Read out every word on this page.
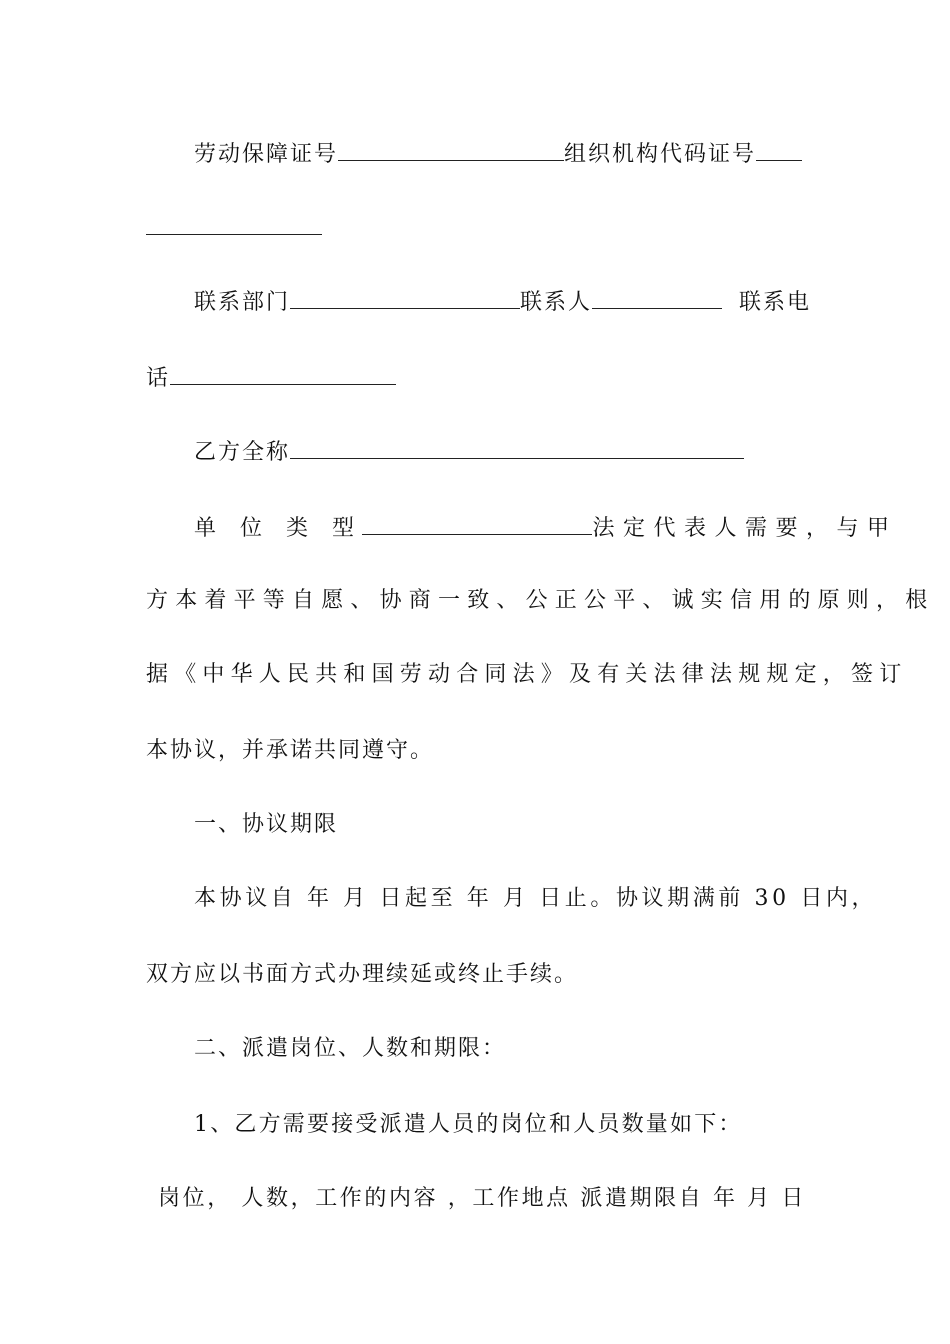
劳动保障证号	组织机构代码证号
联系部门	联系人	联系电
话
乙方全称
单 位 类 型	法定代表人需要，与甲
方本着平等自愿、协商一致、公正公平、诚实信用的原则，根
据《中华人民共和国劳动合同法》及有关法律法规规定，签订
本协议，并承诺共同遵守。
一、协议期限
本协议自 年 月 日起至 年 月 日止。协议期满前 30 日内，
双方应以书面方式办理续延或终止手续。
二、派遣岗位、人数和期限：
1、乙方需要接受派遣人员的岗位和人员数量如下：
岗位， 人数，工作的内容 ，工作地点 派遣期限自 年 月 日
